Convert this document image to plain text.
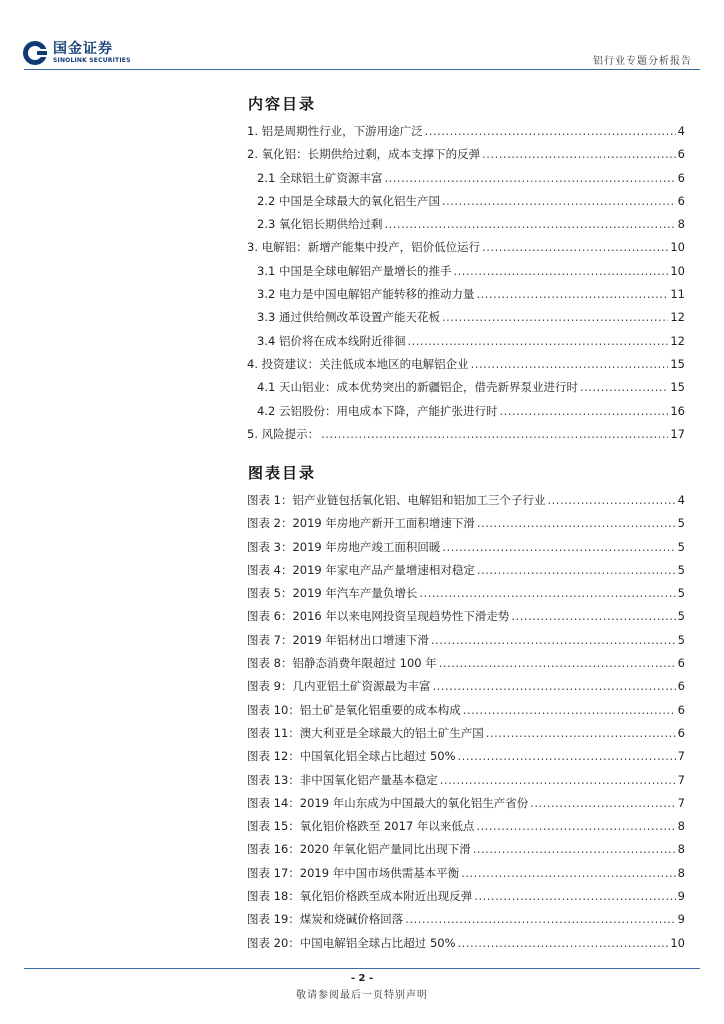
国金证券
SINOLINK SECURITIES	铝行业专题分析报告
内容目录
1. 铝是周期性行业，下游用途广泛 .....	4
2. 氧化铝：长期供给过剩，成本支撑下的反弹 .....	6
2.1 全球铝土矿资源丰富 .....	6
2.2 中国是全球最大的氧化铝生产国 .....	6
2.3 氧化铝长期供给过剩 .....	8
3. 电解铝：新增产能集中投产，铝价低位运行 .....	10
3.1 中国是全球电解铝产量增长的推手 .....	10
3.2 电力是中国电解铝产能转移的推动力量 .....	11
3.3 通过供给侧改革设置产能天花板 .....	12
3.4 铝价将在成本线附近徘徊 .....	12
4. 投资建议：关注低成本地区的电解铝企业 .....	15
4.1 天山铝业：成本优势突出的新疆铝企，借壳新界泵业进行时 .....	15
4.2 云铝股份：用电成本下降，产能扩张进行时 .....	16
5. 风险提示： .....	17
图表目录
图表 1：铝产业链包括氧化铝、电解铝和铝加工三个子行业 .....	4
图表 2：2019 年房地产新开工面积增速下滑 .....	5
图表 3：2019 年房地产竣工面积回暖 .....	5
图表 4：2019 年家电产品产量增速相对稳定 .....	5
图表 5：2019 年汽车产量负增长 .....	5
图表 6：2016 年以来电网投资呈现趋势性下滑走势 .....	5
图表 7：2019 年铝材出口增速下滑 .....	5
图表 8：铝静态消费年限超过 100 年 .....	6
图表 9：几内亚铝土矿资源最为丰富 .....	6
图表 10：铝土矿是氧化铝重要的成本构成 .....	6
图表 11：澳大利亚是全球最大的铝土矿生产国 .....	6
图表 12：中国氧化铝全球占比超过 50% .....	7
图表 13：非中国氧化铝产量基本稳定 .....	7
图表 14：2019 年山东成为中国最大的氧化铝生产省份 .....	7
图表 15：氧化铝价格跌至 2017 年以来低点 .....	8
图表 16：2020 年氧化铝产量同比出现下滑 .....	8
图表 17：2019 年中国市场供需基本平衡 .....	8
图表 18：氧化铝价格跌至成本附近出现反弹 .....	9
图表 19：煤炭和烧碱价格回落 .....	9
图表 20：中国电解铝全球占比超过 50% .....	10
- 2 -
敬请参阅最后一页特别声明
